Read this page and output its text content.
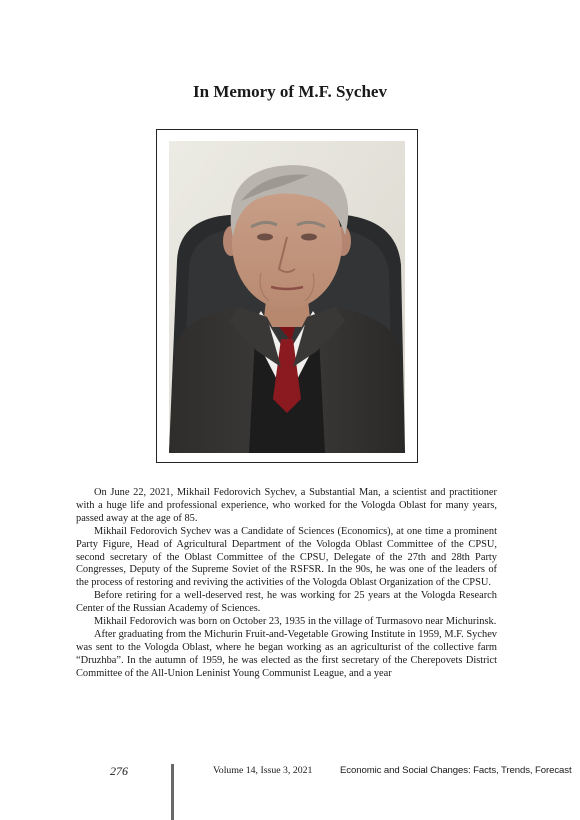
In Memory of M.F. Sychev

On June 22, 2021, Mikhail Fedorovich Sychev, a Substantial Man, a scientist and practitioner with a huge life and professional experience, who worked for the Vologda Oblast for many years, passed away at the age of 85.

Mikhail Fedorovich Sychev was a Candidate of Sciences (Economics), at one time a prominent Party Figure, Head of Agricultural Department of the Vologda Oblast Committee of the CPSU, second secretary of the Oblast Committee of the CPSU, Delegate of the 27th and 28th Party Congresses, Deputy of the Supreme Soviet of the RSFSR. In the 90s, he was one of the leaders of the process of restoring and reviving the activities of the Vologda Oblast Organization of the CPSU.

Before retiring for a well-deserved rest, he was working for 25 years at the Vologda Research Center of the Russian Academy of Sciences.

Mikhail Fedorovich was born on October 23, 1935 in the village of Turmasovo near Michurinsk.

After graduating from the Michurin Fruit-and-Vegetable Growing Institute in 1959, M.F. Sychev was sent to the Vologda Oblast, where he began working as an agriculturist of the collective farm “Druzhba”. In the autumn of 1959, he was elected as the first secretary of the Cherepovets District Committee of the All-Union Leninist Young Communist League, and a year

276	Volume 14, Issue 3, 2021	Economic and Social Changes: Facts, Trends, Forecast
